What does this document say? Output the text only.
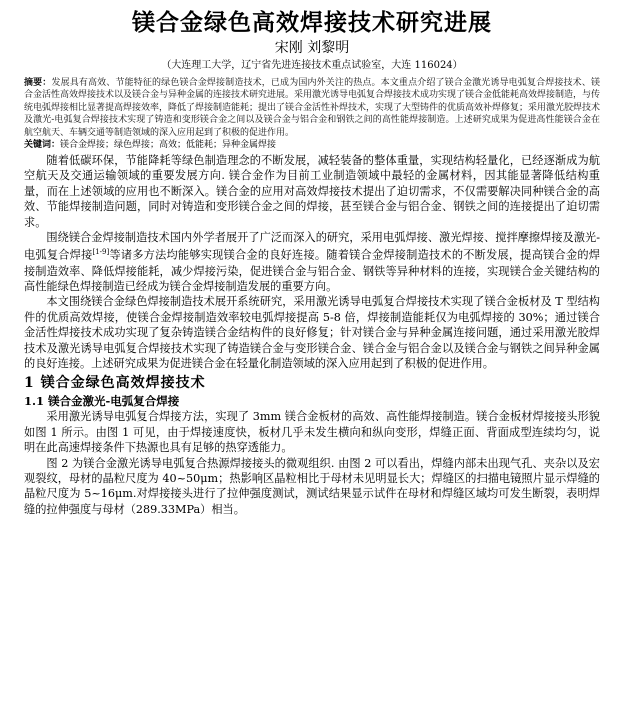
镁合金绿色高效焊接技术研究进展

宋刚 刘黎明

（大连理工大学，辽宁省先进连接技术重点试验室，大连 116024）

摘要：发展具有高效、节能特征的绿色镁合金焊接制造技术，已成为国内外关注的热点。本文重点介绍了镁合金激光诱导电弧复合焊接技术、镁合金活性高效焊接技术以及镁合金与异种金属的连接技术研究进展。采用激光诱导电弧复合焊接技术成功实现了镁合金低能耗高效焊接制造，与传统电弧焊接相比显著提高焊接效率，降低了焊接制造能耗；提出了镁合金活性补焊技术，实现了大型铸件的优质高效补焊修复；采用激光胶焊技术及激光-电弧复合焊接技术实现了铸造和变形镁合金之间以及镁合金与铝合金和钢铁之间的高性能焊接制造。上述研究成果为促进高性能镁合金在航空航天、车辆交通等制造领域的深入应用起到了积极的促进作用。

关键词：镁合金焊接；绿色焊接；高效；低能耗；异种金属焊接

随着低碳环保，节能降耗等绿色制造理念的不断发展，减轻装备的整体重量，实现结构轻量化，已经逐渐成为航空航天及交通运输领域的重要发展方向. 镁合金作为目前工业制造领域中最轻的金属材料，因其能显著降低结构重量，而在上述领域的应用也不断深入。镁合金的应用对高效焊接技术提出了迫切需求，不仅需要解决同种镁合金的高效、节能焊接制造问题，同时对铸造和变形镁合金之间的焊接，甚至镁合金与铝合金、钢铁之间的连接提出了迫切需求。

围绕镁合金焊接制造技术国内外学者展开了广泛而深入的研究，采用电弧焊接、激光焊接、搅拌摩擦焊接及激光-电弧复合焊接[1-9]等诸多方法均能够实现镁合金的良好连接。随着镁合金焊接制造技术的不断发展，提高镁合金的焊接制造效率、降低焊接能耗，减少焊接污染，促进镁合金与铝合金、钢铁等异种材料的连接，实现镁合金关键结构的高性能绿色焊接制造已经成为镁合金焊接制造发展的重要方向。

本文围绕镁合金绿色焊接制造技术展开系统研究，采用激光诱导电弧复合焊接技术实现了镁合金板材及 T 型结构件的优质高效焊接，使镁合金焊接制造效率较电弧焊接提高 5-8 倍，焊接制造能耗仅为电弧焊接的 30%；通过镁合金活性焊接技术成功实现了复杂铸造镁合金结构件的良好修复；针对镁合金与异种金属连接问题，通过采用激光胶焊技术及激光诱导电弧复合焊接技术实现了铸造镁合金与变形镁合金、镁合金与铝合金以及镁合金与钢铁之间异种金属的良好连接。上述研究成果为促进镁合金在轻量化制造领域的深入应用起到了积极的促进作用。

1 镁合金绿色高效焊接技术
1.1 镁合金激光-电弧复合焊接

采用激光诱导电弧复合焊接方法，实现了 3mm 镁合金板材的高效、高性能焊接制造。镁合金板材焊接接头形貌如图 1 所示。由图 1 可见，由于焊接速度快，板材几乎未发生横向和纵向变形，焊缝正面、背面成型连续均匀，说明在此高速焊接条件下热源也具有足够的热穿透能力。

图 2 为镁合金激光诱导电弧复合热源焊接接头的微观组织. 由图 2 可以看出，焊缝内部未出现气孔、夹杂以及宏观裂纹，母材的晶粒尺度为 40~50μm；热影响区晶粒相比于母材未见明显长大；焊缝区的扫描电镜照片显示焊缝的晶粒尺度为 5~16μm.对焊接接头进行了拉伸强度测试，测试结果显示试件在母材和焊缝区域均可发生断裂，表明焊缝的拉伸强度与母材（289.33MPa）相当。
